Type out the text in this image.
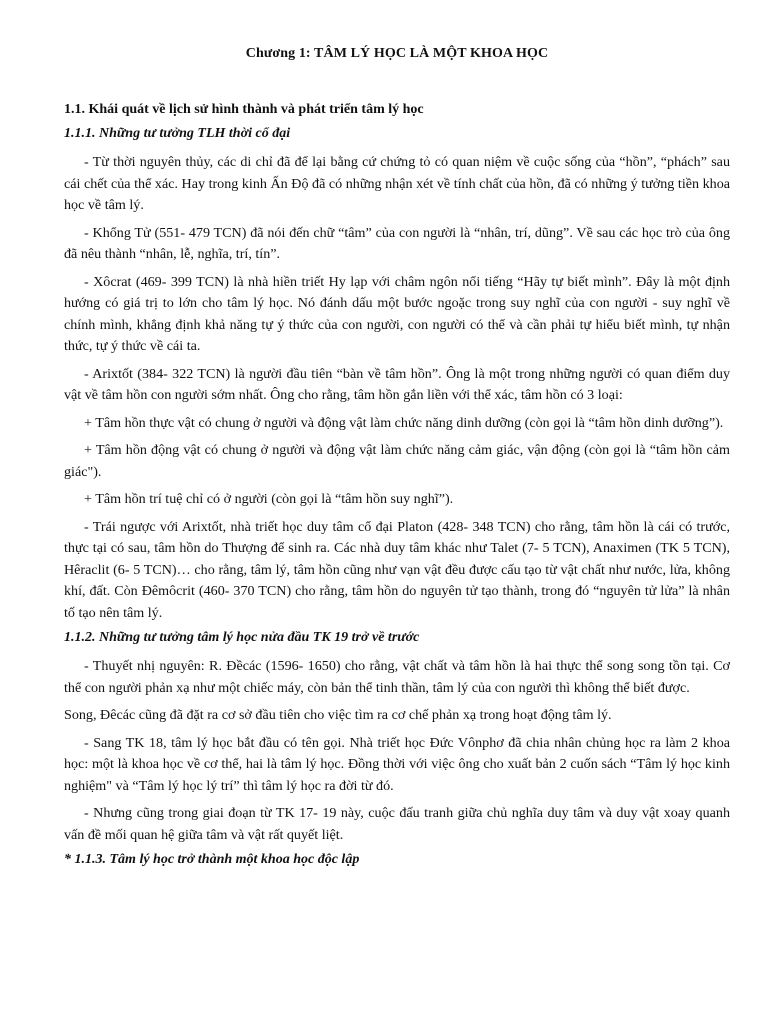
Chương 1: TÂM LÝ HỌC LÀ MỘT KHOA HỌC
1.1. Khái quát về lịch sử hình thành và phát triển tâm lý học
1.1.1. Những tư tưởng TLH thời cổ đại

- Từ thời nguyên thủy, các di chỉ đã để lại bằng cứ chứng tỏ có quan niệm về cuộc sống của “hồn”, “phách” sau cái chết của thể xác. Hay trong kinh Ấn Độ đã có những nhận xét về tính chất của hồn, đã có những ý tưởng tiền khoa học về tâm lý.

- Khổng Tử (551- 479 TCN) đã nói đến chữ “tâm” của con người là “nhân, trí, dũng”. Về sau các học trò của ông đã nêu thành “nhân, lễ, nghĩa, trí, tín”.

- Xôcrat (469- 399 TCN) là nhà hiền triết Hy lạp với châm ngôn nổi tiếng “Hãy tự biết mình”. Đây là một định hướng có giá trị to lớn cho tâm lý học. Nó đánh dấu một bước ngoặc trong suy nghĩ của con người - suy nghĩ về chính mình, khẳng định khả năng tự ý thức của con người, con người có thể và cần phải tự hiểu biết mình, tự nhận thức, tự ý thức về cái ta.

- Arixtốt (384- 322 TCN) là người đầu tiên “bàn về tâm hồn”. Ông là một trong những người có quan điểm duy vật về tâm hồn con người sớm nhất. Ông cho rằng, tâm hồn gắn liền với thể xác, tâm hồn có 3 loại:

+ Tâm hồn thực vật có chung ở người và động vật làm chức năng dinh dưỡng (còn gọi là “tâm hồn dinh dưỡng”).

+ Tâm hồn động vật có chung ở người và động vật làm chức năng cảm giác, vận động (còn gọi là “tâm hồn cảm giác").

+ Tâm hồn trí tuệ chỉ có ở người (còn gọi là “tâm hồn suy nghĩ”).

- Trái ngược với Arixtốt, nhà triết học duy tâm cổ đại Platon (428- 348 TCN) cho rằng, tâm hồn là cái có trước, thực tại có sau, tâm hồn do Thượng để sinh ra. Các nhà duy tâm khác như Talet (7- 5 TCN), Anaximen (TK 5 TCN), Hêraclit (6- 5 TCN)… cho rằng, tâm lý, tâm hồn cũng như vạn vật đều được cấu tạo từ vật chất như nước, lửa, không khí, đất. Còn Đêmôcrit (460- 370 TCN) cho rằng, tâm hồn do nguyên tử tạo thành, trong đó “nguyên tử lửa” là nhân tố tạo nên tâm lý.

1.1.2. Những tư tưởng tâm lý học nửa đầu TK 19 trở về trước

- Thuyết nhị nguyên: R. Đềcác (1596- 1650) cho rằng, vật chất và tâm hồn là hai thực thể song song tồn tại. Cơ thể con người phản xạ như một chiếc máy, còn bản thể tinh thần, tâm lý của con người thì không thể biết được.

Song, Đêcác cũng đã đặt ra cơ sở đầu tiên cho việc tìm ra cơ chế phản xạ trong hoạt động tâm lý.

- Sang TK 18, tâm lý học bắt đầu có tên gọi. Nhà triết học Đức Vônphơ đã chia nhân chủng học ra làm 2 khoa học: một là khoa học về cơ thể, hai là tâm lý học. Đồng thời với việc ông cho xuất bản 2 cuốn sách “Tâm lý học kinh nghiệm" và “Tâm lý học lý trí” thì tâm lý học ra đời từ đó.

- Nhưng cũng trong giai đoạn từ TK 17- 19 này, cuộc đấu tranh giữa chủ nghĩa duy tâm và duy vật xoay quanh vấn đề mối quan hệ giữa tâm và vật rất quyết liệt.

* 1.1.3. Tâm lý học trở thành một khoa học độc lập
